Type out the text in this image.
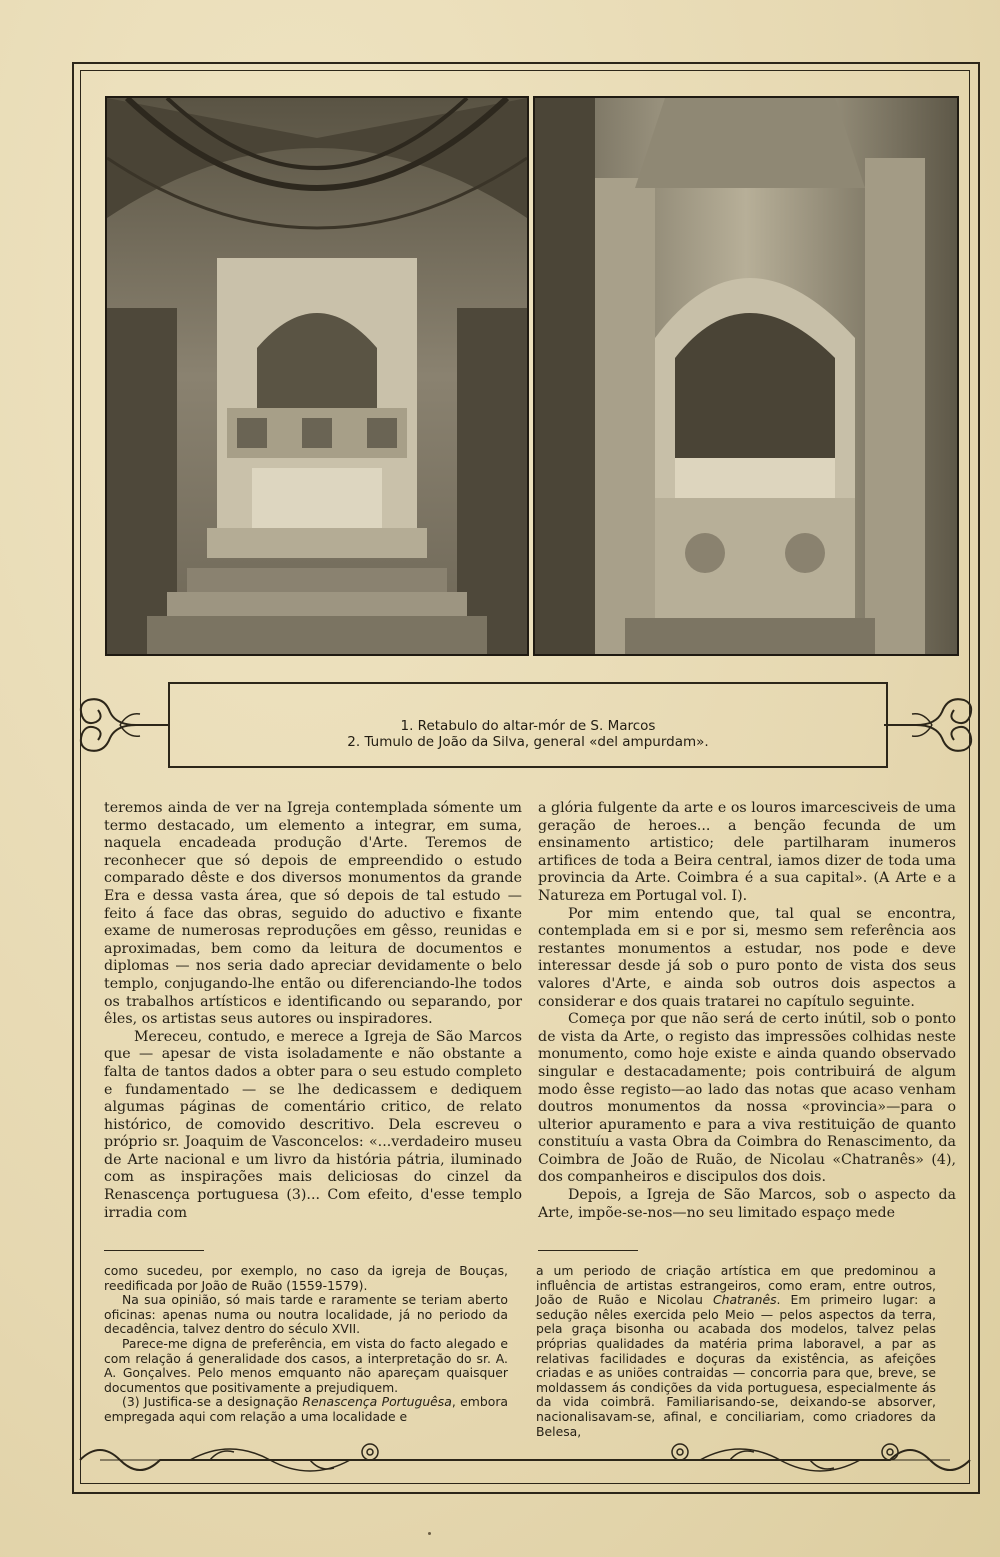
1. Retabulo do altar-mór de S. Marcos
2. Tumulo de João da Silva, general «del ampurdam».

teremos ainda de ver na Igreja contemplada sómente um termo destacado, um elemento a integrar, em suma, naquela encadeada produção d'Arte. Teremos de reconhecer que só depois de empreendido o estudo comparado dêste e dos diversos monumentos da grande Era e dessa vasta área, que só depois de tal estudo — feito á face das obras, seguido do aductivo e fixante exame de numerosas reproduções em gêsso, reunidas e aproximadas, bem como da leitura de documentos e diplomas — nos seria dado apreciar devidamente o belo templo, conjugando-lhe então ou diferenciando-lhe todos os trabalhos artísticos e identificando ou separando, por êles, os artistas seus autores ou inspiradores.

Mereceu, contudo, e merece a Igreja de São Marcos que — apesar de vista isoladamente e não obstante a falta de tantos dados a obter para o seu estudo completo e fundamentado — se lhe dedicassem e dediquem algumas páginas de comentário critico, de relato histórico, de comovido descritivo. Dela escreveu o próprio sr. Joaquim de Vasconcelos: «...verdadeiro museu de Arte nacional e um livro da história pátria, iluminado com as inspirações mais deliciosas do cinzel da Renascença portuguesa (3)... Com efeito, d'esse templo irradia com

a glória fulgente da arte e os louros imarcesciveis de uma geração de heroes... a benção fecunda de um ensinamento artistico; dele partilharam inumeros artifices de toda a Beira central, iamos dizer de toda uma provincia da Arte. Coimbra é a sua capital». (A Arte e a Natureza em Portugal vol. I).

Por mim entendo que, tal qual se encontra, contemplada em si e por si, mesmo sem referência aos restantes monumentos a estudar, nos pode e deve interessar desde já sob o puro ponto de vista dos seus valores d'Arte, e ainda sob outros dois aspectos a considerar e dos quais tratarei no capítulo seguinte.

Começa por que não será de certo inútil, sob o ponto de vista da Arte, o registo das impressões colhidas neste monumento, como hoje existe e ainda quando observado singular e destacadamente; pois contribuirá de algum modo êsse registo—ao lado das notas que acaso venham doutros monumentos da nossa «provincia»—para o ulterior apuramento e para a viva restituição de quanto constituíu a vasta Obra da Coimbra do Renascimento, da Coimbra de João de Ruão, de Nicolau «Chatranês» (4), dos companheiros e discipulos dos dois.

Depois, a Igreja de São Marcos, sob o aspecto da Arte, impõe-se-nos—no seu limitado espaço mede

como sucedeu, por exemplo, no caso da igreja de Bouças, reedificada por João de Ruão (1559-1579).

Na sua opinião, só mais tarde e raramente se teriam aberto oficinas: apenas numa ou noutra localidade, já no periodo da decadência, talvez dentro do século XVII.

Parece-me digna de preferência, em vista do facto alegado e com relação á generalidade dos casos, a interpretação do sr. A. A. Gonçalves. Pelo menos emquanto não apareçam quaisquer documentos que positivamente a prejudiquem.

(3) Justifica-se a designação Renascença Portuguêsa, embora empregada aqui com relação a uma localidade e

a um periodo de criação artística em que predominou a influência de artistas estrangeiros, como eram, entre outros, João de Ruão e Nicolau Chatranês. Em primeiro lugar: a sedução nêles exercida pelo Meio — pelos aspectos da terra, pela graça bisonha ou acabada dos modelos, talvez pelas próprias qualidades da matéria prima laboravel, a par as relativas facilidades e doçuras da existência, as afeições criadas e as uniões contraidas — concorria para que, breve, se moldassem ás condições da vida portuguesa, especialmente ás da vida coimbrã. Familiarisando-se, deixando-se absorver, nacionalisavam-se, afinal, e conciliariam, como criadores da Belesa,
